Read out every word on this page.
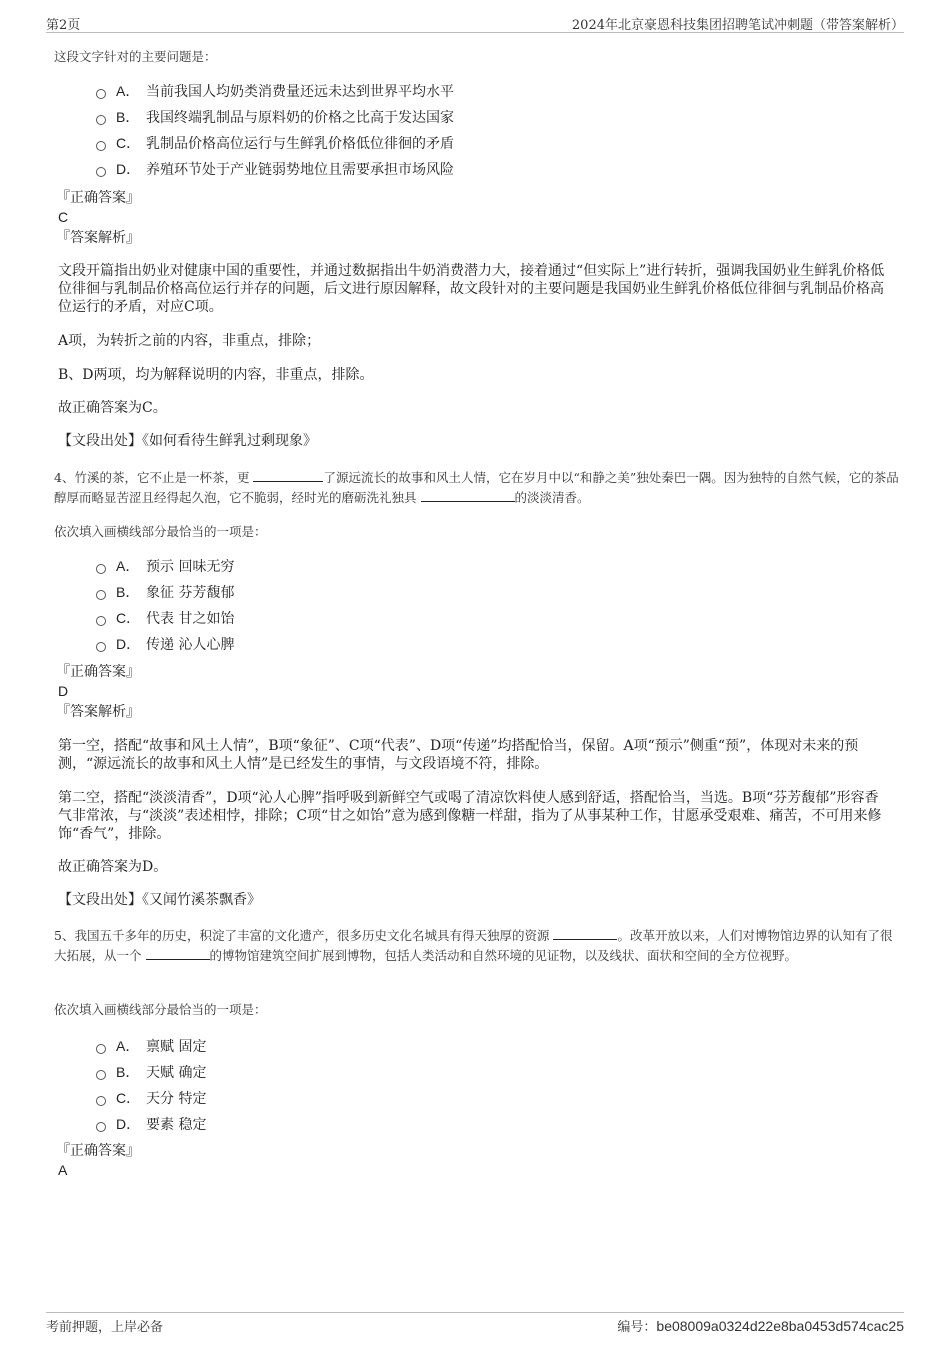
第2页	2024年北京豪恩科技集团招聘笔试冲刺题（带答案解析）
这段文字针对的主要问题是：
A． 当前我国人均奶类消费量还远未达到世界平均水平
B． 我国终端乳制品与原料奶的价格之比高于发达国家
C． 乳制品价格高位运行与生鲜乳价格低位徘徊的矛盾
D． 养殖环节处于产业链弱势地位且需要承担市场风险
『正确答案』
C
『答案解析』
文段开篇指出奶业对健康中国的重要性，并通过数据指出牛奶消费潜力大，接着通过“但实际上”进行转折，强调我国奶业生鲜乳价格低位徘徊与乳制品价格高位运行并存的问题，后文进行原因解释，故文段针对的主要问题是我国奶业生鲜乳价格低位徘徊与乳制品价格高位运行的矛盾，对应C项。
A项，为转折之前的内容，非重点，排除；
B、D两项，均为解释说明的内容，非重点，排除。
故正确答案为C。
【文段出处】《如何看待生鲜乳过剩现象》
4、竹溪的茶，它不止是一杯茶，更	了源远流长的故事和风土人情，它在岁月中以“和静之美”独处秦巴一隅。因为独特的自然气候，它的茶品醇厚而略显苦涩且经得起久泡，它不脆弱，经时光的磨砺洗礼独具	的淡淡清香。
依次填入画横线部分最恰当的一项是：
A． 预示 回味无穷
B． 象征 芬芳馥郁
C． 代表 甘之如饴
D． 传递 沁人心脾
『正确答案』
D
『答案解析』
第一空，搭配“故事和风土人情”，B项“象征”、C项“代表”、D项“传递”均搭配恰当，保留。A项“预示”侧重“预”，体现对未来的预测，“源远流长的故事和风土人情”是已经发生的事情，与文段语境不符，排除。
第二空，搭配“淡淡清香”，D项“沁人心脾”指呼吸到新鲜空气或喝了清凉饮料使人感到舒适，搭配恰当，当选。B项“芬芳馥郁”形容香气非常浓，与“淡淡”表述相悖，排除；C项“甘之如饴”意为感到像糖一样甜，指为了从事某种工作，甘愿承受艰难、痛苦，不可用来修饰“香气”，排除。
故正确答案为D。
【文段出处】《又闻竹溪茶飘香》
5、我国五千多年的历史，积淀了丰富的文化遗产，很多历史文化名城具有得天独厚的资源	。改革开放以来，人们对博物馆边界的认知有了很大拓展，从一个	的博物馆建筑空间扩展到博物，包括人类活动和自然环境的见证物，以及线状、面状和空间的全方位视野。
依次填入画横线部分最恰当的一项是：
A． 禀赋 固定
B． 天赋 确定
C． 天分 特定
D． 要素 稳定
『正确答案』
A
考前押题，上岸必备	编号：be08009a0324d22e8ba0453d574cac25
